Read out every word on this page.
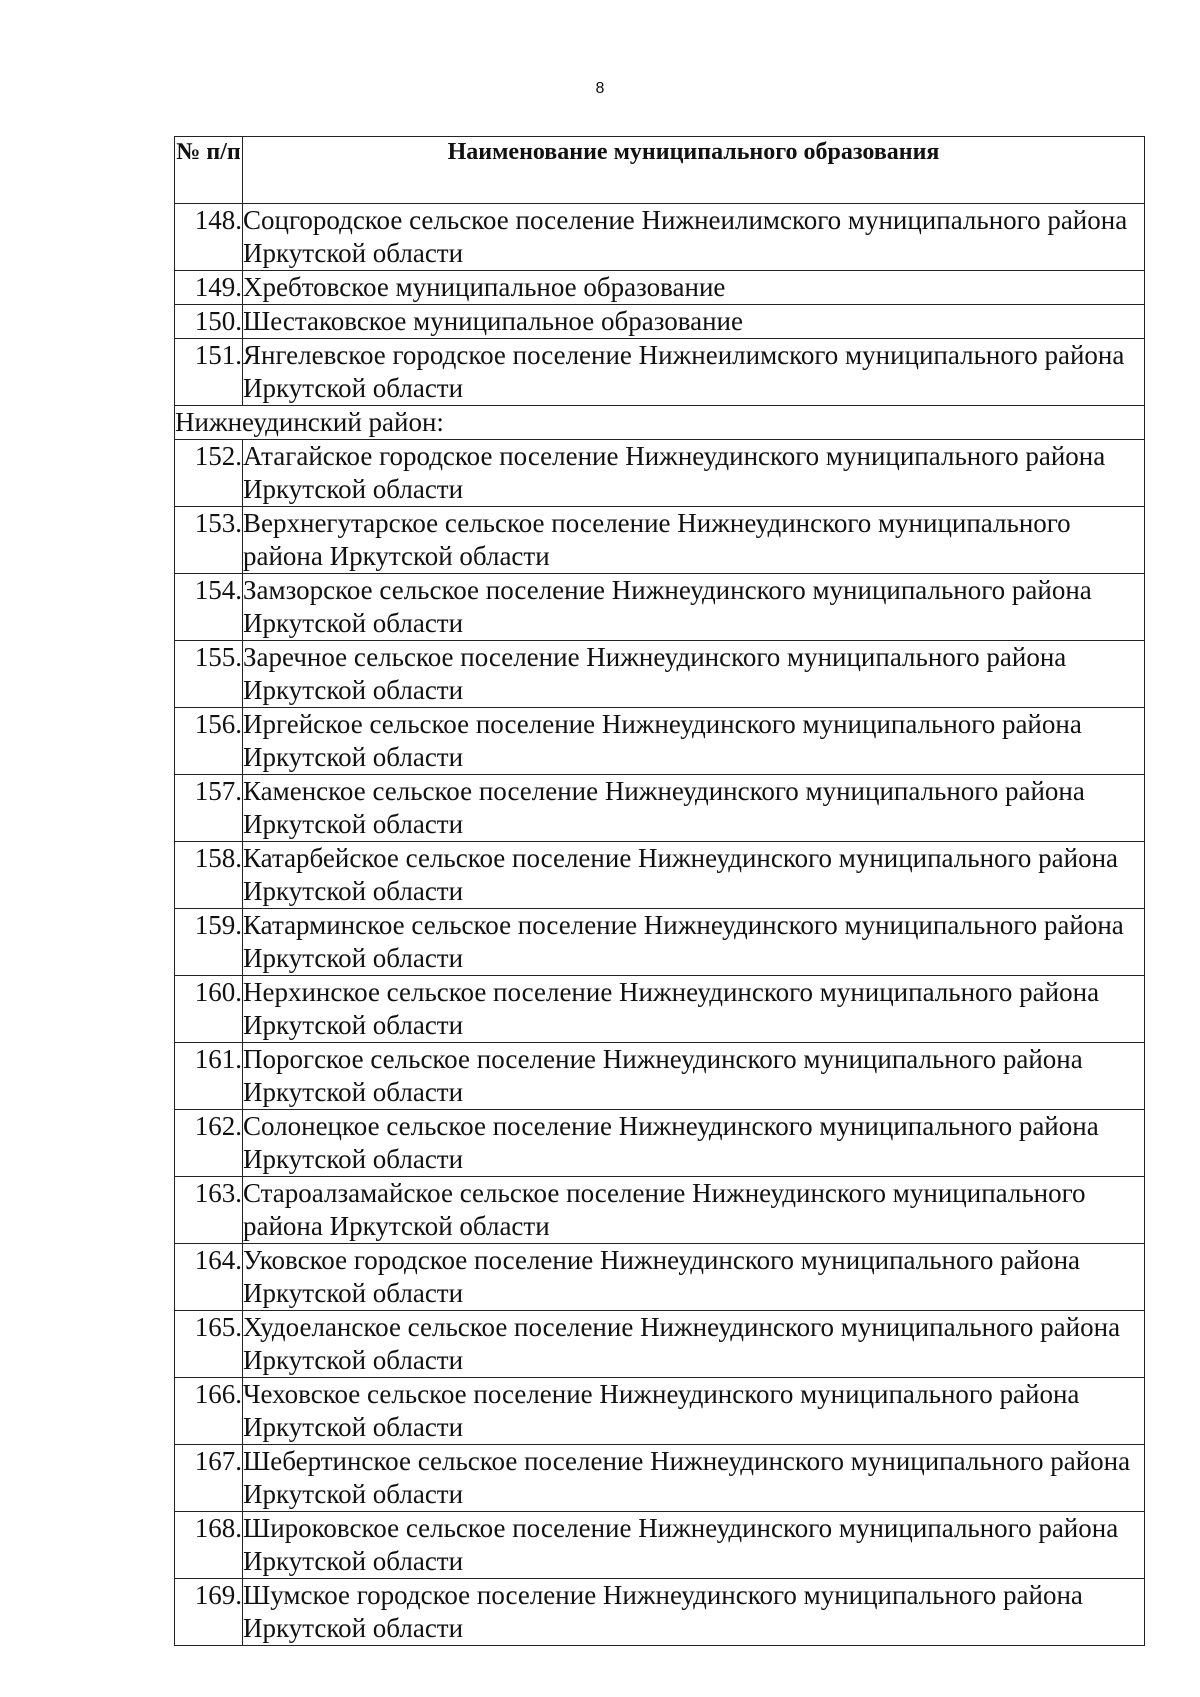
8
№ п/п	Наименование муниципального образования
148.	Соцгородское сельское поселение Нижнеилимского муниципального района Иркутской области
149.	Хребтовское муниципальное образование
150.	Шестаковское муниципальное образование
151.	Янгелевское городское поселение Нижнеилимского муниципального района Иркутской области
Нижнеудинский район:	
152.	Атагайское городское поселение Нижнеудинского муниципального района Иркутской области
153.	Верхнегутарское сельское поселение Нижнеудинского муниципального района Иркутской области
154.	Замзорское сельское поселение Нижнеудинского муниципального района Иркутской области
155.	Заречное сельское поселение Нижнеудинского муниципального района Иркутской области
156.	Иргейское сельское поселение Нижнеудинского муниципального района Иркутской области
157.	Каменское сельское поселение Нижнеудинского муниципального района Иркутской области
158.	Катарбейское сельское поселение Нижнеудинского муниципального района Иркутской области
159.	Катарминское сельское поселение Нижнеудинского муниципального района Иркутской области
160.	Нерхинское сельское поселение Нижнеудинского муниципального района Иркутской области
161.	Порогское сельское поселение Нижнеудинского муниципального района Иркутской области
162.	Солонецкое сельское поселение Нижнеудинского муниципального района Иркутской области
163.	Староалзамайское сельское поселение Нижнеудинского муниципального района Иркутской области
164.	Уковское городское поселение Нижнеудинского муниципального района Иркутской области
165.	Худоеланское сельское поселение Нижнеудинского муниципального района Иркутской области
166.	Чеховское сельское поселение Нижнеудинского муниципального района Иркутской области
167.	Шебертинское сельское поселение Нижнеудинского муниципального района Иркутской области
168.	Широковское сельское поселение Нижнеудинского муниципального района Иркутской области
169.	Шумское городское поселение Нижнеудинского муниципального района Иркутской области
